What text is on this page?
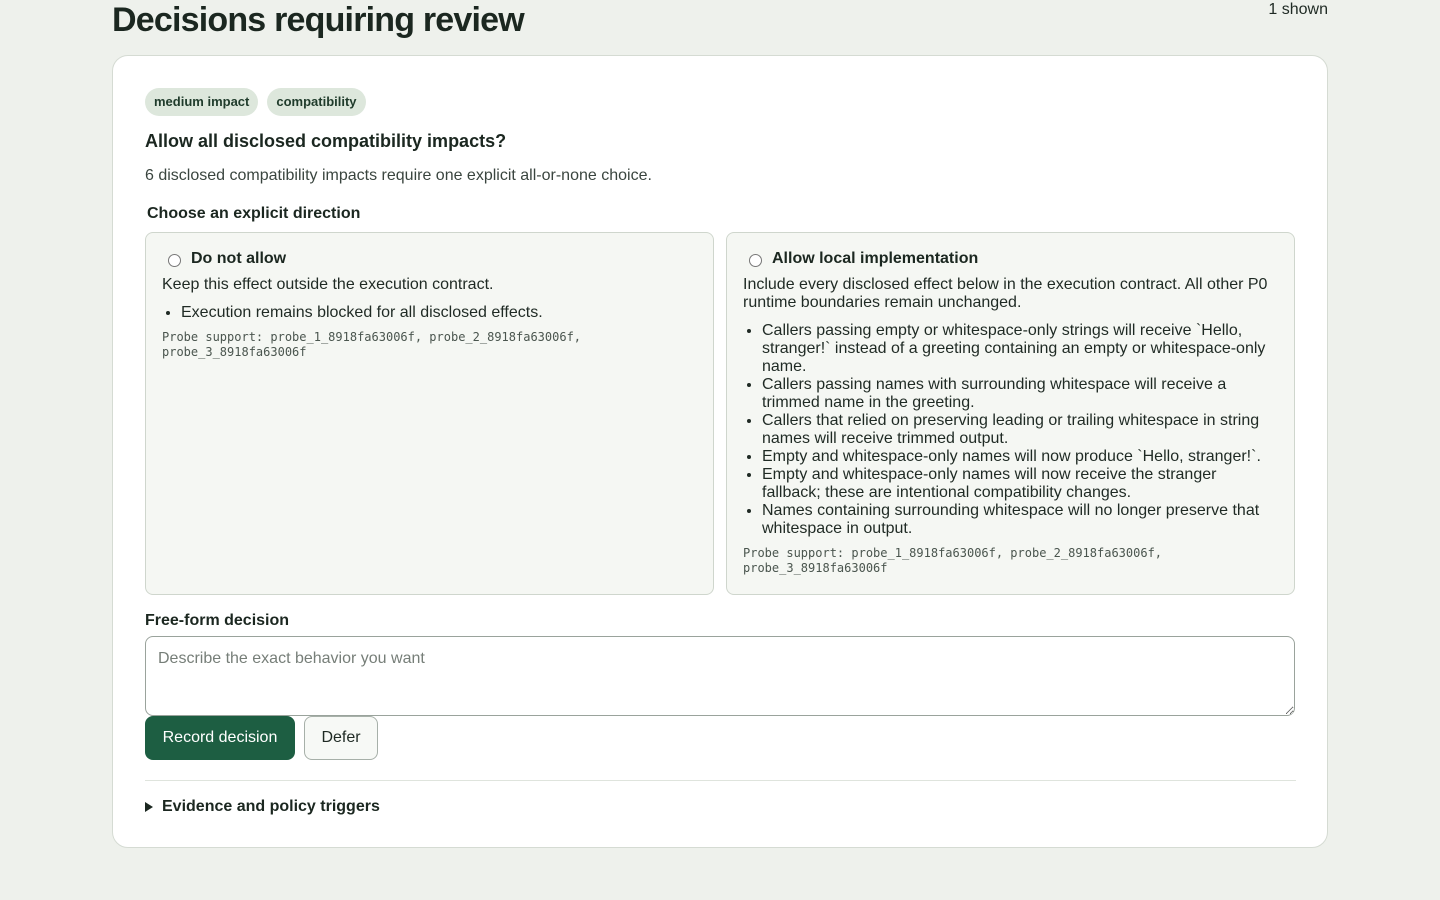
Decisions requiring review	1 shown
medium impact	compatibility
Allow all disclosed compatibility impacts?

6 disclosed compatibility impacts require one explicit all-or-none choice.

Choose an explicit direction

Do not allow

Keep this effect outside the execution contract.

• Execution remains blocked for all disclosed effects.

Probe support: probe_1_8918fa63006f, probe_2_8918fa63006f, probe_3_8918fa63006f

Allow local implementation

Include every disclosed effect below in the execution contract. All other P0 runtime boundaries remain unchanged.

• Callers passing empty or whitespace-only strings will receive `Hello, stranger!` instead of a greeting containing an empty or whitespace-only name.
• Callers passing names with surrounding whitespace will receive a trimmed name in the greeting.
• Callers that relied on preserving leading or trailing whitespace in string names will receive trimmed output.
• Empty and whitespace-only names will now produce `Hello, stranger!`.
• Empty and whitespace-only names will now receive the stranger fallback; these are intentional compatibility changes.
• Names containing surrounding whitespace will no longer preserve that whitespace in output.

Probe support: probe_1_8918fa63006f, probe_2_8918fa63006f, probe_3_8918fa63006f

Free-form decision

Describe the exact behavior you want
Record decision	Defer
Evidence and policy triggers
